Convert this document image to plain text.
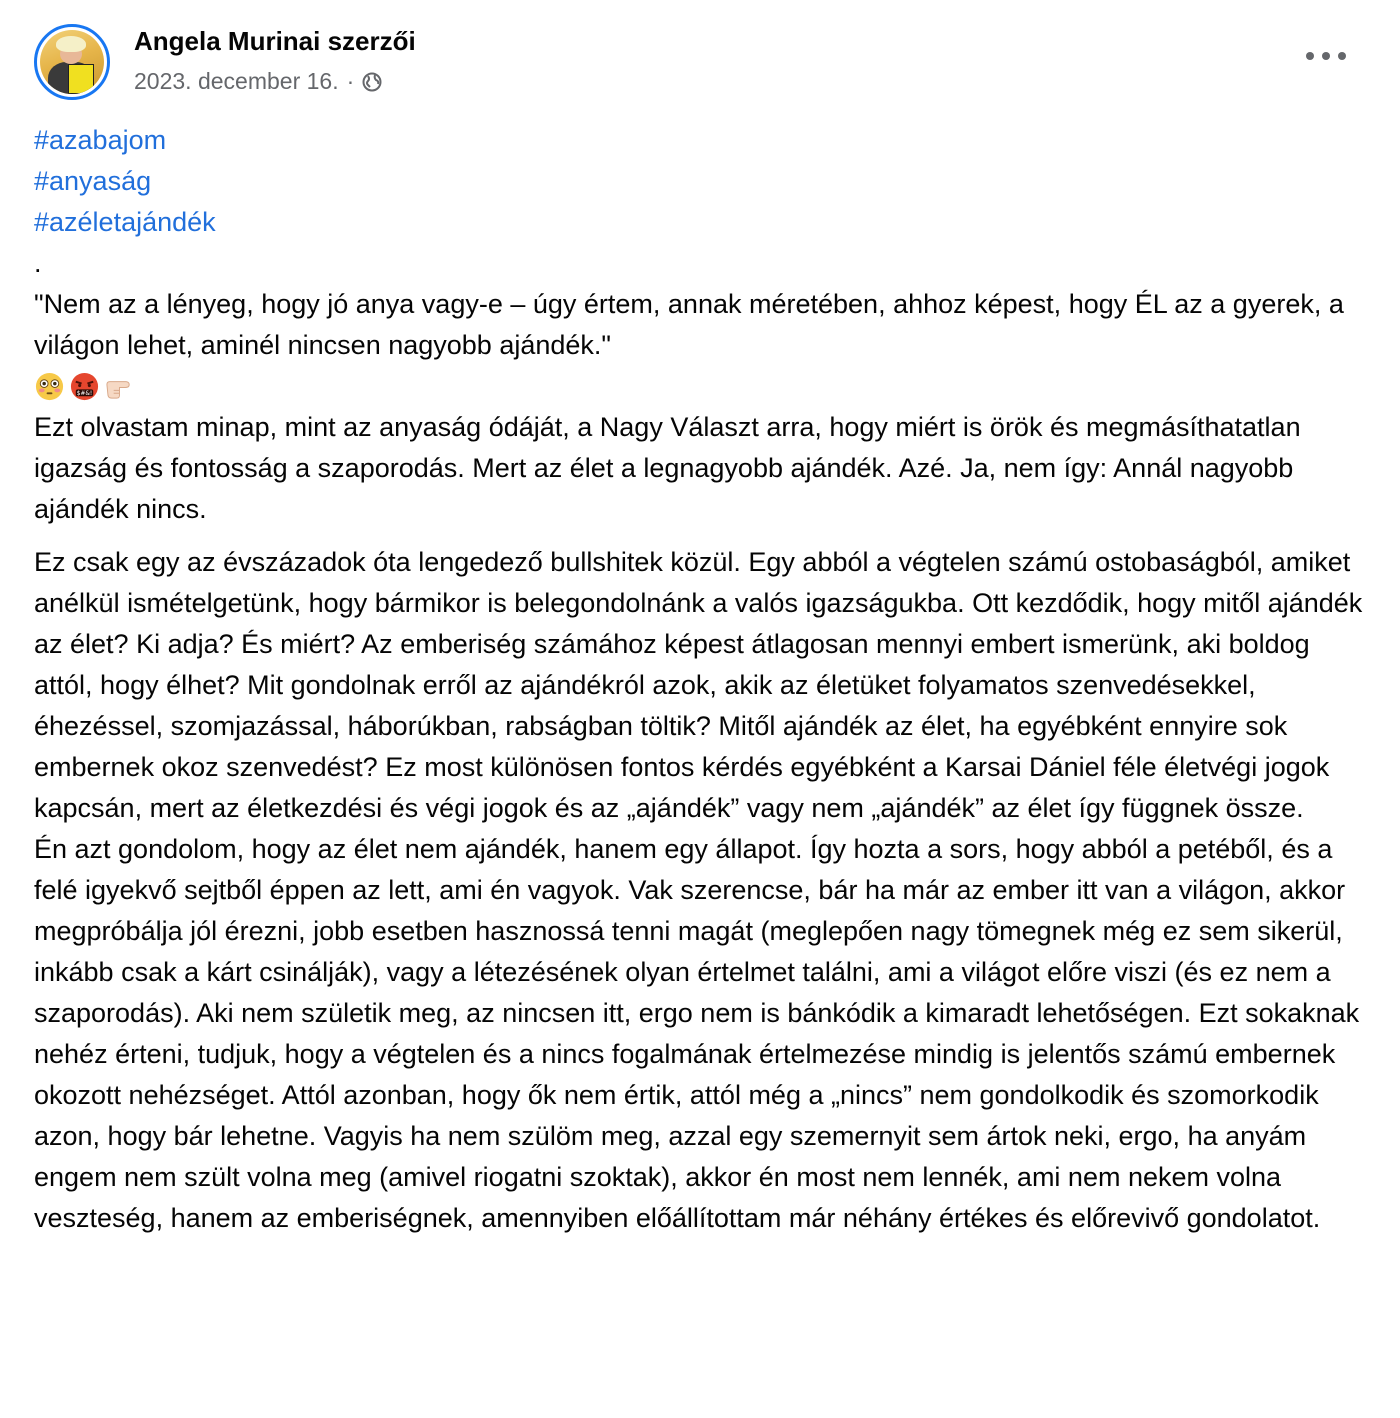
Angela Murinai szerzői
2023. december 16. ·
#azabajom
#anyaság
#azéletajándék
.
"Nem az a lényeg, hogy jó anya vagy-e – úgy értem, annak méretében, ahhoz képest, hogy ÉL az a gyerek, a világon lehet, aminél nincsen nagyobb ajándék."
$#&!
Ezt olvastam minap, mint az anyaság ódáját, a Nagy Választ arra, hogy miért is örök és megmásíthatatlan igazság és fontosság a szaporodás. Mert az élet a legnagyobb ajándék. Azé. Ja, nem így: Annál nagyobb ajándék nincs.
Ez csak egy az évszázadok óta lengedező bullshitek közül. Egy abból a végtelen számú ostobaságból, amiket anélkül ismételgetünk, hogy bármikor is belegondolnánk a valós igazságukba. Ott kezdődik, hogy mitől ajándék az élet? Ki adja? És miért? Az emberiség számához képest átlagosan mennyi embert ismerünk, aki boldog attól, hogy élhet? Mit gondolnak erről az ajándékról azok, akik az életüket folyamatos szenvedésekkel, éhezéssel, szomjazással, háborúkban, rabságban töltik? Mitől ajándék az élet, ha egyébként ennyire sok embernek okoz szenvedést? Ez most különösen fontos kérdés egyébként a Karsai Dániel féle életvégi jogok kapcsán, mert az életkezdési és végi jogok és az „ajándék” vagy nem „ajándék” az élet így függnek össze.
Én azt gondolom, hogy az élet nem ajándék, hanem egy állapot. Így hozta a sors, hogy abból a petéből, és a felé igyekvő sejtből éppen az lett, ami én vagyok. Vak szerencse, bár ha már az ember itt van a világon, akkor megpróbálja jól érezni, jobb esetben hasznossá tenni magát (meglepően nagy tömegnek még ez sem sikerül, inkább csak a kárt csinálják), vagy a létezésének olyan értelmet találni, ami a világot előre viszi (és ez nem a szaporodás). Aki nem születik meg, az nincsen itt, ergo nem is bánkódik a kimaradt lehetőségen. Ezt sokaknak nehéz érteni, tudjuk, hogy a végtelen és a nincs fogalmának értelmezése mindig is jelentős számú embernek okozott nehézséget. Attól azonban, hogy ők nem értik, attól még a „nincs” nem gondolkodik és szomorkodik azon, hogy bár lehetne. Vagyis ha nem szülöm meg, azzal egy szemernyit sem ártok neki, ergo, ha anyám engem nem szült volna meg (amivel riogatni szoktak), akkor én most nem lennék, ami nem nekem volna veszteség, hanem az emberiségnek, amennyiben előállítottam már néhány értékes és előrevivő gondolatot.
